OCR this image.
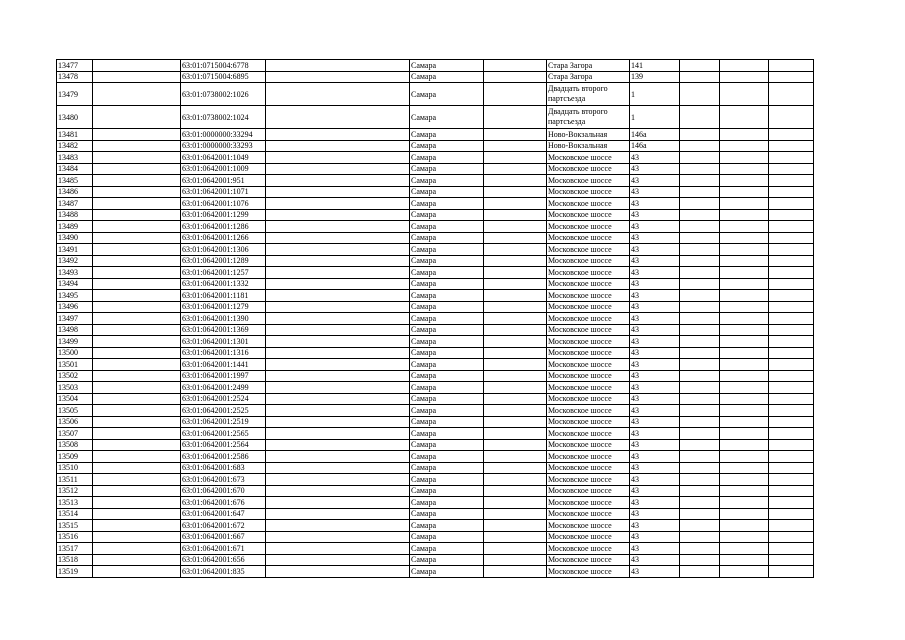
13477		63:01:0715004:6778		Самара		Стара Загора	141			
13478		63:01:0715004:6895		Самара		Стара Загора	139			
13479		63:01:0738002:1026		Самара		Двадцать второго партсъезда	1			
13480		63:01:0738002:1024		Самара		Двадцать второго партсъезда	1			
13481		63:01:0000000:33294		Самара		Ново-Вокзальная	146а			
13482		63:01:0000000:33293		Самара		Ново-Вокзальная	146а			
13483		63:01:0642001:1049		Самара		Московское шоссе	43			
13484		63:01:0642001:1009		Самара		Московское шоссе	43			
13485		63:01:0642001:951		Самара		Московское шоссе	43			
13486		63:01:0642001:1071		Самара		Московское шоссе	43			
13487		63:01:0642001:1076		Самара		Московское шоссе	43			
13488		63:01:0642001:1299		Самара		Московское шоссе	43			
13489		63:01:0642001:1286		Самара		Московское шоссе	43			
13490		63:01:0642001:1266		Самара		Московское шоссе	43			
13491		63:01:0642001:1306		Самара		Московское шоссе	43			
13492		63:01:0642001:1289		Самара		Московское шоссе	43			
13493		63:01:0642001:1257		Самара		Московское шоссе	43			
13494		63:01:0642001:1332		Самара		Московское шоссе	43			
13495		63:01:0642001:1181		Самара		Московское шоссе	43			
13496		63:01:0642001:1279		Самара		Московское шоссе	43			
13497		63:01:0642001:1390		Самара		Московское шоссе	43			
13498		63:01:0642001:1369		Самара		Московское шоссе	43			
13499		63:01:0642001:1301		Самара		Московское шоссе	43			
13500		63:01:0642001:1316		Самара		Московское шоссе	43			
13501		63:01:0642001:1441		Самара		Московское шоссе	43			
13502		63:01:0642001:1997		Самара		Московское шоссе	43			
13503		63:01:0642001:2499		Самара		Московское шоссе	43			
13504		63:01:0642001:2524		Самара		Московское шоссе	43			
13505		63:01:0642001:2525		Самара		Московское шоссе	43			
13506		63:01:0642001:2519		Самара		Московское шоссе	43			
13507		63:01:0642001:2565		Самара		Московское шоссе	43			
13508		63:01:0642001:2564		Самара		Московское шоссе	43			
13509		63:01:0642001:2586		Самара		Московское шоссе	43			
13510		63:01:0642001:683		Самара		Московское шоссе	43			
13511		63:01:0642001:673		Самара		Московское шоссе	43			
13512		63:01:0642001:670		Самара		Московское шоссе	43			
13513		63:01:0642001:676		Самара		Московское шоссе	43			
13514		63:01:0642001:647		Самара		Московское шоссе	43			
13515		63:01:0642001:672		Самара		Московское шоссе	43			
13516		63:01:0642001:667		Самара		Московское шоссе	43			
13517		63:01:0642001:671		Самара		Московское шоссе	43			
13518		63:01:0642001:656		Самара		Московское шоссе	43			
13519		63:01:0642001:835		Самара		Московское шоссе	43			
